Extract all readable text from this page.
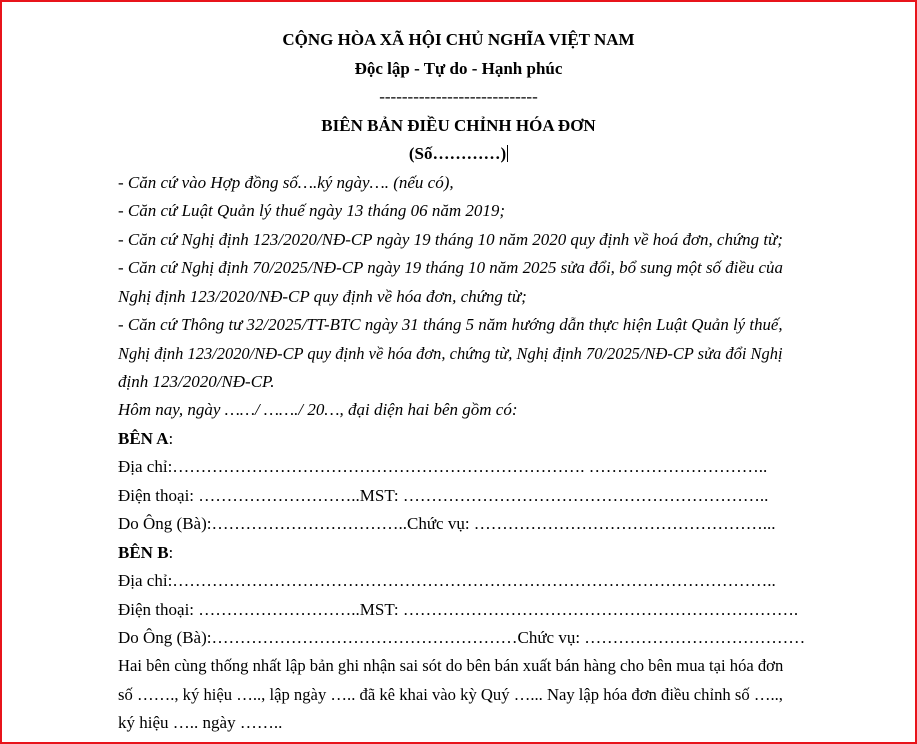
CỘNG HÒA XÃ HỘI CHỦ NGHĨA VIỆT NAM
Độc lập - Tự do - Hạnh phúc
----------------------------
BIÊN BẢN ĐIỀU CHỈNH HÓA ĐƠN
(Số…………)
- Căn cứ vào Hợp đồng số….ký ngày…. (nếu có),
- Căn cứ Luật Quản lý thuế ngày 13 tháng 06 năm 2019;
- Căn cứ Nghị định 123/2020/NĐ-CP ngày 19 tháng 10 năm 2020 quy định về hoá đơn, chứng từ;
- Căn cứ Nghị định 70/2025/NĐ-CP ngày 19 tháng 10 năm 2025 sửa đổi, bổ sung một số điều của
Nghị định 123/2020/NĐ-CP quy định về hóa đơn, chứng từ;
- Căn cứ Thông tư 32/2025/TT-BTC ngày 31 tháng 5 năm hướng dẫn thực hiện Luật Quản lý thuế,
Nghị định 123/2020/NĐ-CP quy định về hóa đơn, chứng từ, Nghị định 70/2025/NĐ-CP sửa đổi Nghị
định 123/2020/NĐ-CP.
Hôm nay, ngày ……/ ……./ 20…, đại diện hai bên gồm có:
BÊN A:
Địa chỉ:………………………………………………………………. …………………………..
Điện thoại: ………………………..MST: ………………………………………………………..
Do Ông (Bà):……………………………..Chức vụ: ……………………………………………...
BÊN B:
Địa chỉ:……………………………………………………………………………………………..
Điện thoại: ………………………..MST: …………………………………………………………….
Do Ông (Bà):………………………………………………Chức vụ: …………………………………
Hai bên cùng thống nhất lập bản ghi nhận sai sót do bên bán xuất bán hàng cho bên mua tại hóa đơn
số ……., ký hiệu ….., lập ngày ….. đã kê khai vào kỳ Quý …... Nay lập hóa đơn điều chỉnh số …..,
ký hiệu ….. ngày ……..
